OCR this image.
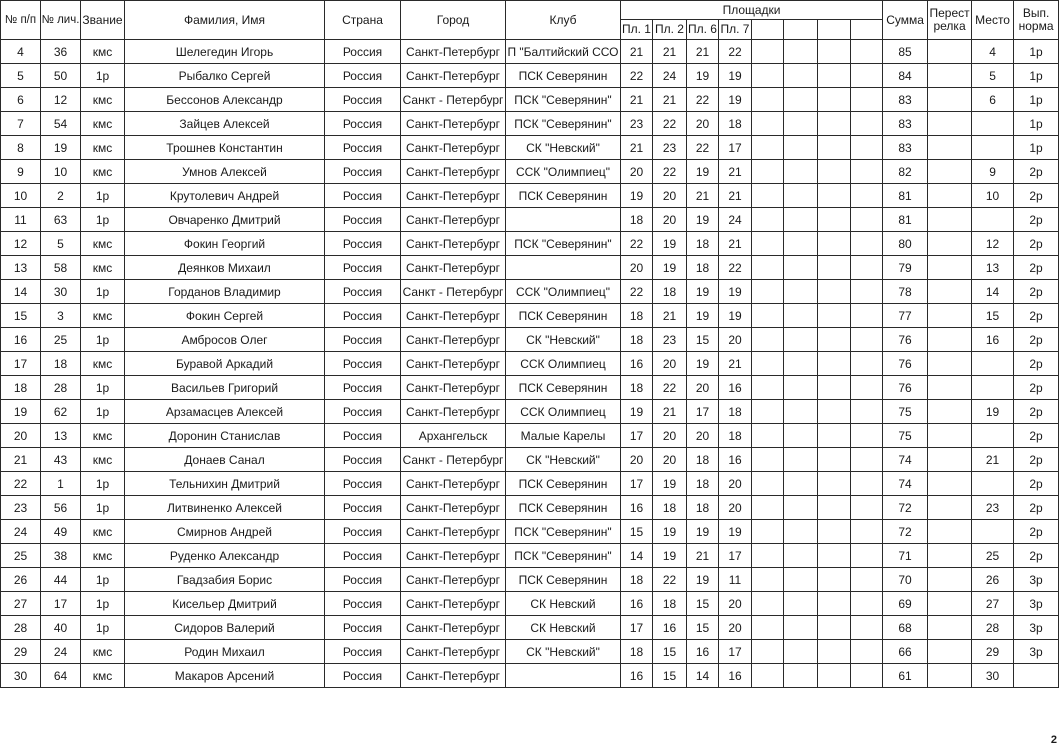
№ п/п	№ лич.	Звание	Фамилия, Имя	Страна	Город	Клуб	Площадки								Сумма	Перест релка	Место	Вып. норма
							Пл. 1	Пл. 2	Пл. 6	Пл. 7								
4	36	кмс	Шелегедин Игорь	Россия	Санкт-Петербург	П "Балтийский ССО	21	21	21	22					85		4	1р
5	50	1р	Рыбалко Сергей	Россия	Санкт-Петербург	ПСК Северянин	22	24	19	19					84		5	1р
6	12	кмс	Бессонов Александр	Россия	Санкт - Петербург	ПСК "Северянин"	21	21	22	19					83		6	1р
7	54	кмс	Зайцев Алексей	Россия	Санкт-Петербург	ПСК "Северянин"	23	22	20	18					83			1р
8	19	кмс	Трошнев Константин	Россия	Санкт-Петербург	СК "Невский"	21	23	22	17					83			1р
9	10	кмс	Умнов Алексей	Россия	Санкт-Петербург	ССК "Олимпиец"	20	22	19	21					82		9	2р
10	2	1р	Крутолевич Андрей	Россия	Санкт-Петербург	ПСК Северянин	19	20	21	21					81		10	2р
11	63	1р	Овчаренко Дмитрий	Россия	Санкт-Петербург		18	20	19	24					81			2р
12	5	кмс	Фокин Георгий	Россия	Санкт-Петербург	ПСК "Северянин"	22	19	18	21					80		12	2р
13	58	кмс	Деянков Михаил	Россия	Санкт-Петербург		20	19	18	22					79		13	2р
14	30	1р	Горданов Владимир	Россия	Санкт - Петербург	ССК "Олимпиец"	22	18	19	19					78		14	2р
15	3	кмс	Фокин Сергей	Россия	Санкт-Петербург	ПСК Северянин	18	21	19	19					77		15	2р
16	25	1р	Амбросов Олег	Россия	Санкт-Петербург	СК "Невский"	18	23	15	20					76		16	2р
17	18	кмс	Буравой Аркадий	Россия	Санкт-Петербург	ССК Олимпиец	16	20	19	21					76			2р
18	28	1р	Васильев Григорий	Россия	Санкт-Петербург	ПСК Северянин	18	22	20	16					76			2р
19	62	1р	Арзамасцев Алексей	Россия	Санкт-Петербург	ССК Олимпиец	19	21	17	18					75		19	2р
20	13	кмс	Доронин Станислав	Россия	Архангельск	Малые Карелы	17	20	20	18					75			2р
21	43	кмс	Донаев Санал	Россия	Санкт - Петербург	СК "Невский"	20	20	18	16					74		21	2р
22	1	1р	Тельнихин Дмитрий	Россия	Санкт-Петербург	ПСК Северянин	17	19	18	20					74			2р
23	56	1р	Литвиненко Алексей	Россия	Санкт-Петербург	ПСК Северянин	16	18	18	20					72		23	2р
24	49	кмс	Смирнов Андрей	Россия	Санкт-Петербург	ПСК "Северянин"	15	19	19	19					72			2р
25	38	кмс	Руденко Александр	Россия	Санкт-Петербург	ПСК "Северянин"	14	19	21	17					71		25	2р
26	44	1р	Гвадзабия Борис	Россия	Санкт-Петербург	ПСК Северянин	18	22	19	11					70		26	3р
27	17	1р	Кисельер Дмитрий	Россия	Санкт-Петербург	СК Невский	16	18	15	20					69		27	3р
28	40	1р	Сидоров Валерий	Россия	Санкт-Петербург	СК Невский	17	16	15	20					68		28	3р
29	24	кмс	Родин Михаил	Россия	Санкт-Петербург	СК "Невский"	18	15	16	17					66		29	3р
30	64	кмс	Макаров Арсений	Россия	Санкт-Петербург		16	15	14	16					61		30	
2
